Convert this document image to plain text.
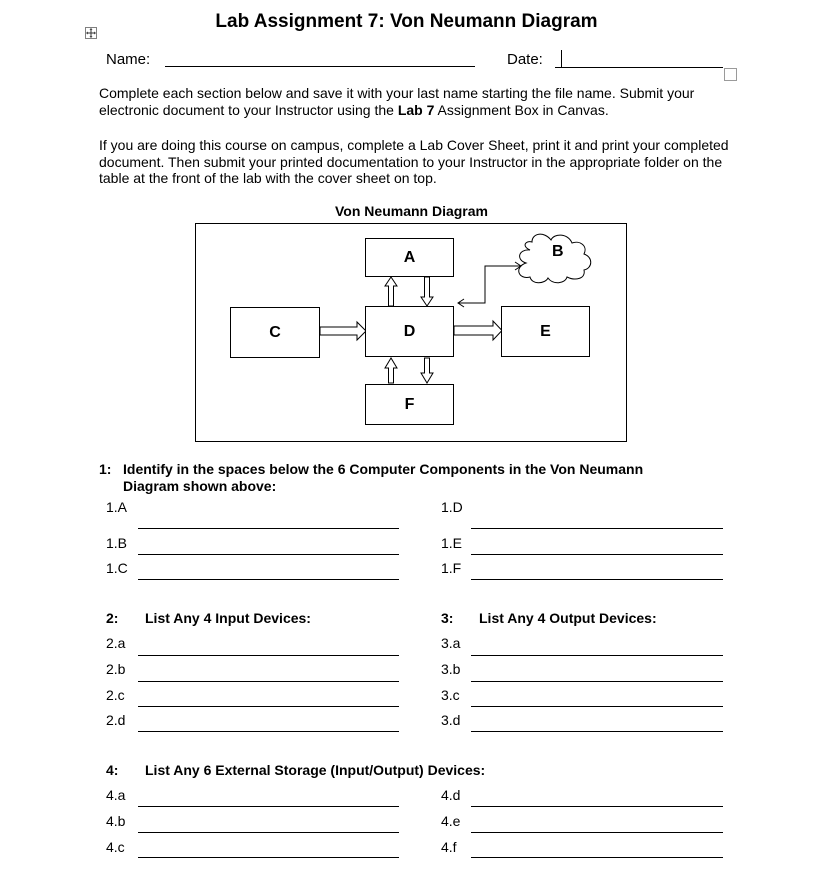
Lab Assignment 7: Von Neumann Diagram
Name:	Date:
Complete each section below and save it with your last name starting the file name. Submit your electronic document to your Instructor using the Lab 7 Assignment Box in Canvas.
If you are doing this course on campus, complete a Lab Cover Sheet, print it and print your completed document. Then submit your printed documentation to your Instructor in the appropriate folder on the table at the front of the lab with the cover sheet on top.
Von Neumann Diagram
A
C	D	E
F
B
1: Identify in the spaces below the 6 Computer Components in the Von Neumann Diagram shown above:
1.A	1.D
1.B	1.E
1.C	1.F
2: List Any 4 Input Devices:	3: List Any 4 Output Devices:
2.a	3.a
2.b	3.b
2.c	3.c
2.d	3.d
4: List Any 6 External Storage (Input/Output) Devices:
4.a	4.d
4.b	4.e
4.c	4.f
